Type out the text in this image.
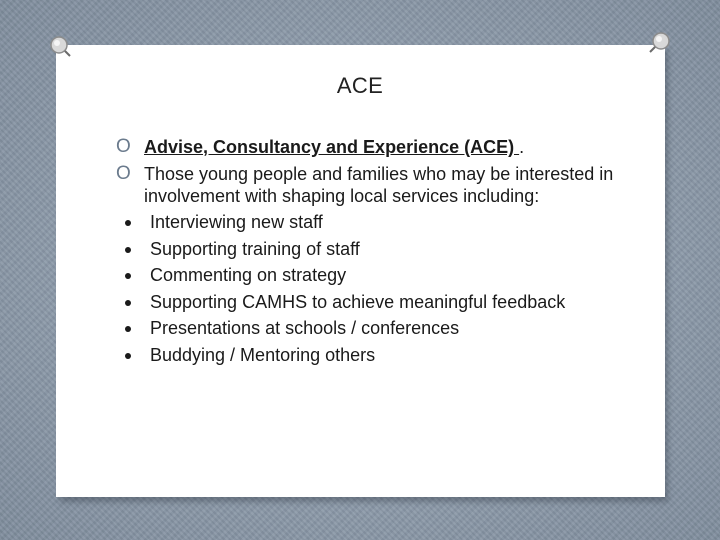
ACE
O Advise, Consultancy and Experience (ACE) .
O Those young people and families who may be interested in involvement with shaping local services including:
Interviewing new staff
Supporting training of staff
Commenting on strategy
Supporting CAMHS to achieve meaningful feedback
Presentations at schools / conferences
Buddying / Mentoring others
